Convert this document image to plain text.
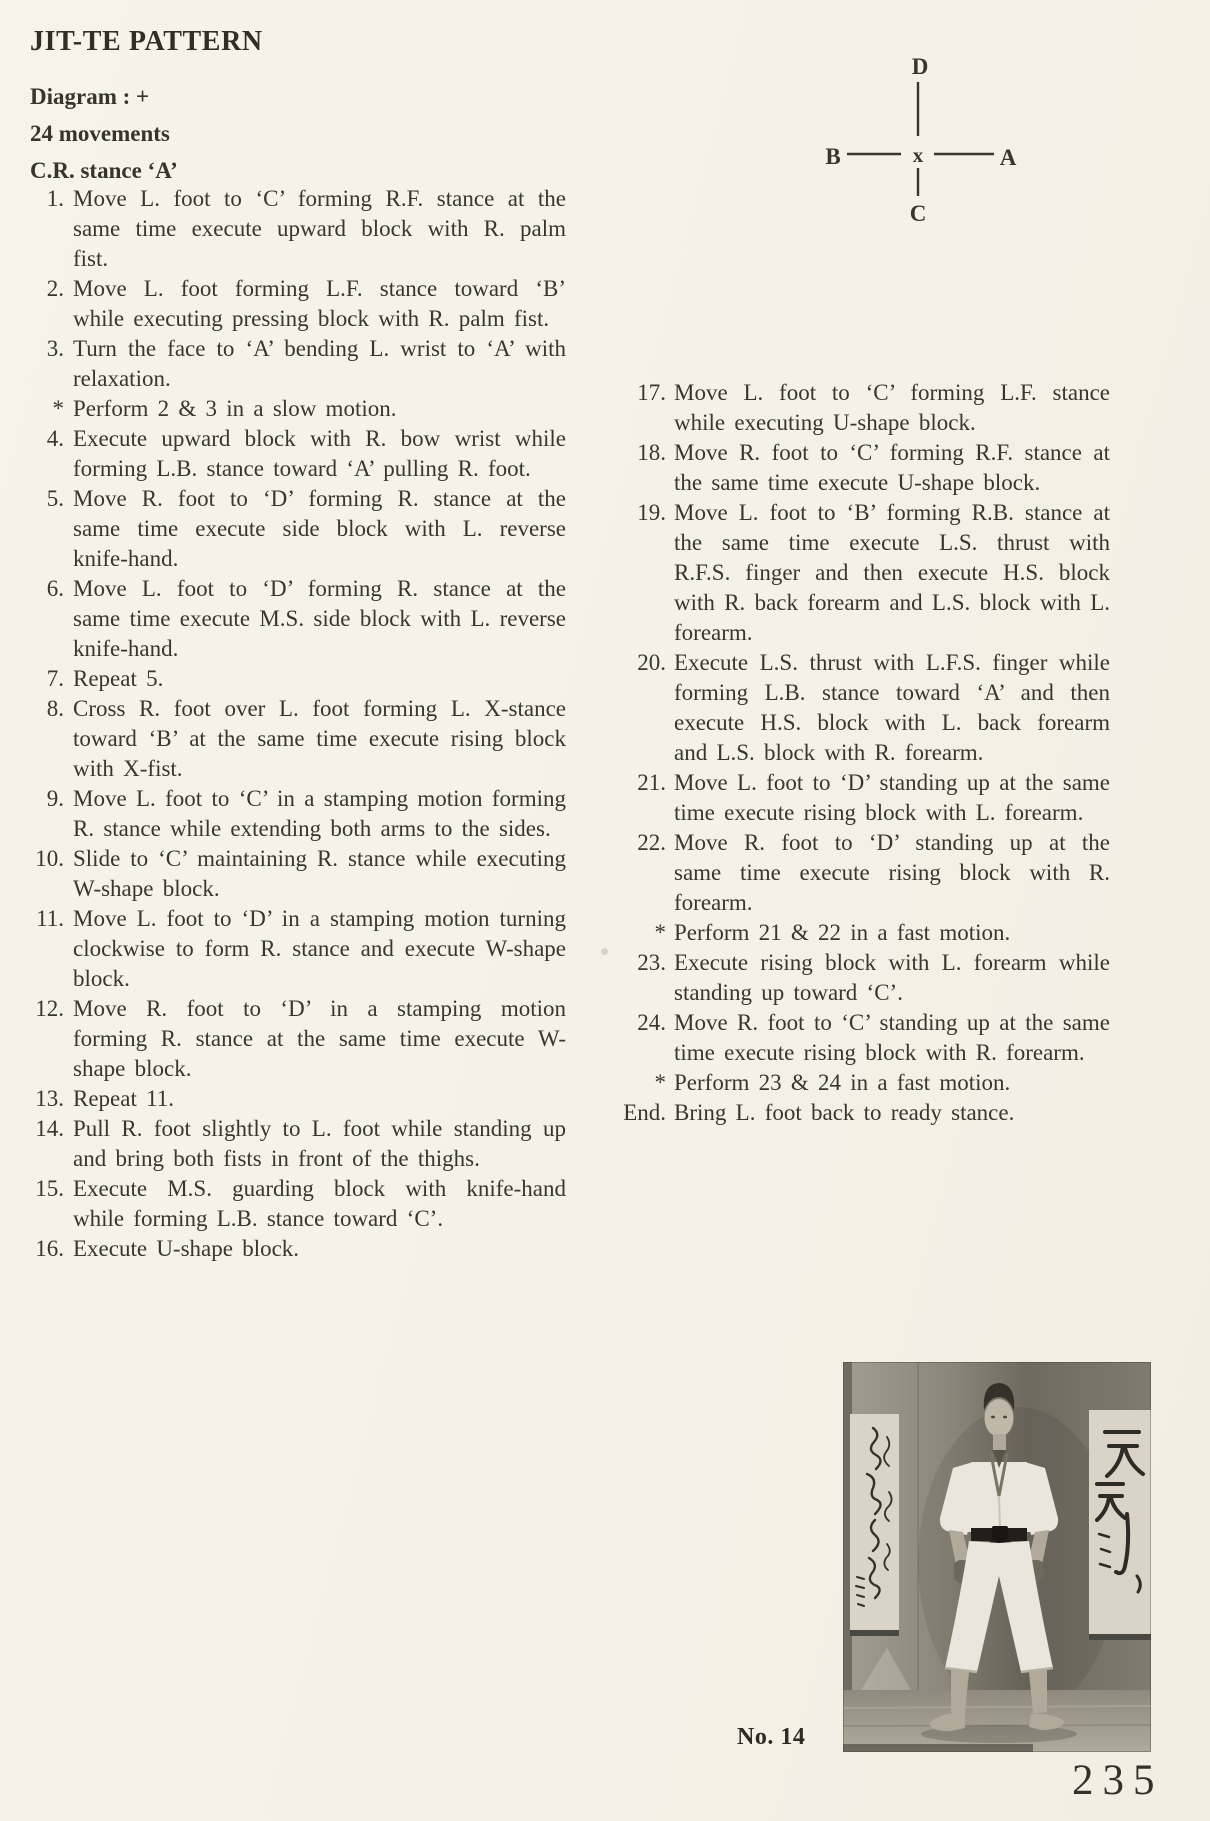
JIT-TE PATTERN
Diagram : +
24 movements
C.R. stance ‘A’
D
B	A
C
x
1. Move L. foot to ‘C’ forming R.F. stance at the same time execute upward block with R. palm fist.
2. Move L. foot forming L.F. stance toward ‘B’ while executing pressing block with R. palm fist.
3. Turn the face to ‘A’ bending L. wrist to ‘A’ with relaxation.
* Perform 2 & 3 in a slow motion.
4. Execute upward block with R. bow wrist while forming L.B. stance toward ‘A’ pulling R. foot.
5. Move R. foot to ‘D’ forming R. stance at the same time execute side block with L. reverse knife-hand.
6. Move L. foot to ‘D’ forming R. stance at the same time execute M.S. side block with L. reverse knife-hand.
7. Repeat 5.
8. Cross R. foot over L. foot forming L. X-stance toward ‘B’ at the same time execute rising block with X-fist.
9. Move L. foot to ‘C’ in a stamping motion forming R. stance while extending both arms to the sides.
10. Slide to ‘C’ maintaining R. stance while executing W-shape block.
11. Move L. foot to ‘D’ in a stamping motion turning clockwise to form R. stance and execute W-shape block.
12. Move R. foot to ‘D’ in a stamping motion forming R. stance at the same time execute W-shape block.
13. Repeat 11.
14. Pull R. foot slightly to L. foot while standing up and bring both fists in front of the thighs.
15. Execute M.S. guarding block with knife-hand while forming L.B. stance toward ‘C’.
16. Execute U-shape block.
17. Move L. foot to ‘C’ forming L.F. stance while executing U-shape block.
18. Move R. foot to ‘C’ forming R.F. stance at the same time execute U-shape block.
19. Move L. foot to ‘B’ forming R.B. stance at the same time execute L.S. thrust with R.F.S. finger and then execute H.S. block with R. back forearm and L.S. block with L. forearm.
20. Execute L.S. thrust with L.F.S. finger while forming L.B. stance toward ‘A’ and then execute H.S. block with L. back forearm and L.S. block with R. forearm.
21. Move L. foot to ‘D’ standing up at the same time execute rising block with L. forearm.
22. Move R. foot to ‘D’ standing up at the same time execute rising block with R. forearm.
* Perform 21 & 22 in a fast motion.
23. Execute rising block with L. forearm while standing up toward ‘C’.
24. Move R. foot to ‘C’ standing up at the same time execute rising block with R. forearm.
* Perform 23 & 24 in a fast motion.
End. Bring L. foot back to ready stance.
No. 14
235
